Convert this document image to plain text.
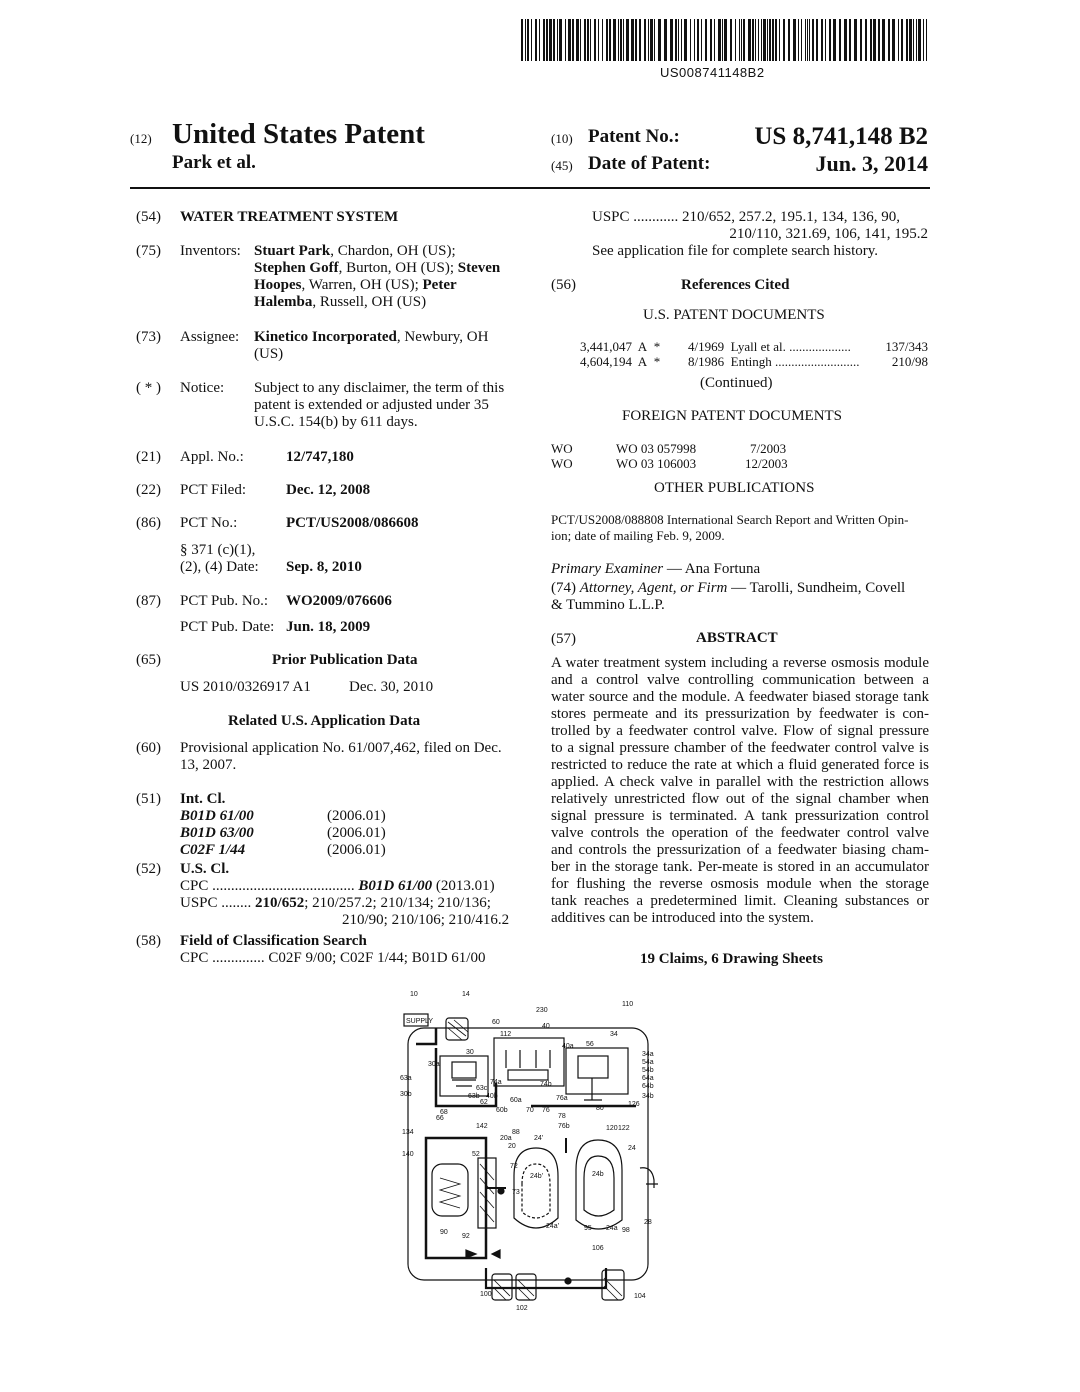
US008741148B2
(12) United States Patent
Park et al.
(10) Patent No.:	US 8,741,148 B2
(45) Date of Patent:	Jun. 3, 2014
(54) WATER TREATMENT SYSTEM
(75) Inventors: Stuart Park, Chardon, OH (US);
Stephen Goff, Burton, OH (US); Steven
Hoopes, Warren, OH (US); Peter
Halemba, Russell, OH (US)
(73) Assignee: Kinetico Incorporated, Newbury, OH
(US)
( * ) Notice: Subject to any disclaimer, the term of this
patent is extended or adjusted under 35
U.S.C. 154(b) by 611 days.
(21) Appl. No.:	12/747,180
(22) PCT Filed:	Dec. 12, 2008
(86) PCT No.:	PCT/US2008/086608
§ 371 (c)(1),
(2), (4) Date: Sep. 8, 2010
(87) PCT Pub. No.: WO2009/076606
PCT Pub. Date: Jun. 18, 2009
(65)	Prior Publication Data
US 2010/0326917 A1	Dec. 30, 2010
Related U.S. Application Data
(60) Provisional application No. 61/007,462, filed on Dec.
13, 2007.
(51) Int. Cl.
B01D 61/00	(2006.01)
B01D 63/00	(2006.01)
C02F 1/44	(2006.01)
(52) U.S. Cl.
CPC ...................................... B01D 61/00 (2013.01)
USPC ........ 210/652; 210/257.2; 210/134; 210/136;
210/90; 210/106; 210/416.2
(58) Field of Classification Search
CPC .............. C02F 9/00; C02F 1/44; B01D 61/00
USPC ............ 210/652, 257.2, 195.1, 134, 136, 90,
210/110, 321.69, 106, 141, 195.2
See application file for complete search history.
(56)	References Cited
U.S. PATENT DOCUMENTS
3,441,047 A * 4/1969 Lyall et al. ...................	137/343
4,604,194 A * 8/1986 Entingh .......................... 210/98
(Continued)
FOREIGN PATENT DOCUMENTS
WO	WO 03 057998	7/2003
WO	WO 03 106003	12/2003
OTHER PUBLICATIONS
PCT/US2008/088808 International Search Report and Written Opin-
ion; date of mailing Feb. 9, 2009.
Primary Examiner — Ana Fortuna
(74) Attorney, Agent, or Firm — Tarolli, Sundheim, Covell
& Tummino L.L.P.
(57)	ABSTRACT
A water treatment system including a reverse osmosis module
and a control valve controlling communication between a
water source and the module. A feedwater biased storage tank
stores permeate and its pressurization by feedwater is con-
trolled by a feedwater control valve. Flow of signal pressure
to a signal pressure chamber of the feedwater control valve is
restricted to reduce the rate at which a fluid generated force is
applied. A check valve in parallel with the restriction allows
relatively unrestricted flow out of the signal chamber when
signal pressure is terminated. A tank pressurization control
valve controls the operation of the feedwater control valve
and controls the pressurization of a feedwater biasing cham-
ber in the storage tank. Per-meate is stored in an accumulator
for flushing the reverse osmosis module when the storage
tank reaches a predetermined limit. Cleaning substances or
additives can be introduced into the system.
19 Claims, 6 Drawing Sheets
10	14
230
110
60
112
40
40a 56
34
30
30a
30b
63a
63b
63c
74a	74b
40b
60a
60b	76
76a
76b
70
78
80
126
120 122
34a
54a
54b
64a
64b
34b
134
140
142
88
20a
20
52
72
73
24
24b
24b'
24a
24a'
24'
95	98
28
90
92
106
100
102
104
62
66
68
SUPPLY
